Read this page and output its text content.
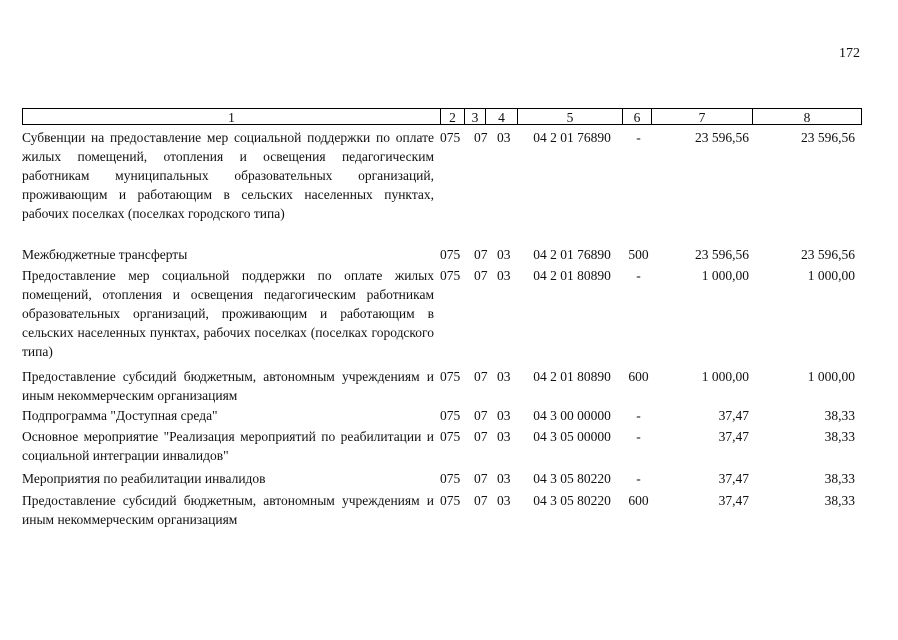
172
1	2	3	4	5	6	7	8
Субвенции на предоставление мер социальной поддержки по оплате жилых помещений, отопления и освещения педагогическим работникам муниципальных образовательных организаций, проживающим и работающим в сельских населенных пунктах, рабочих поселках (поселках городского типа)
075	07 03	04 2 01 76890	-	23 596,56	23 596,56
Межбюджетные трансферты	075	07 03	04 2 01 76890	500	23 596,56	23 596,56
Предоставление мер социальной поддержки по оплате жилых помещений, отопления и освещения педагогическим работникам образовательных организаций, проживающим и работающим в сельских населенных пунктах, рабочих поселках (поселках городского типа)
075	07 03	04 2 01 80890	-	1 000,00	1 000,00
Предоставление субсидий бюджетным, автономным учреждениям и иным некоммерческим организациям
075	07 03	04 2 01 80890	600	1 000,00	1 000,00
Подпрограмма "Доступная среда"	075	07 03	04 3 00 00000	-	37,47	38,33
Основное мероприятие "Реализация мероприятий по реабилитации и социальной интеграции инвалидов"
075	07 03	04 3 05 00000	-	37,47	38,33
Мероприятия по реабилитации инвалидов	075	07 03	04 3 05 80220	-	37,47	38,33
Предоставление субсидий бюджетным, автономным учреждениям и иным некоммерческим организациям
075	07 03	04 3 05 80220	600	37,47	38,33
